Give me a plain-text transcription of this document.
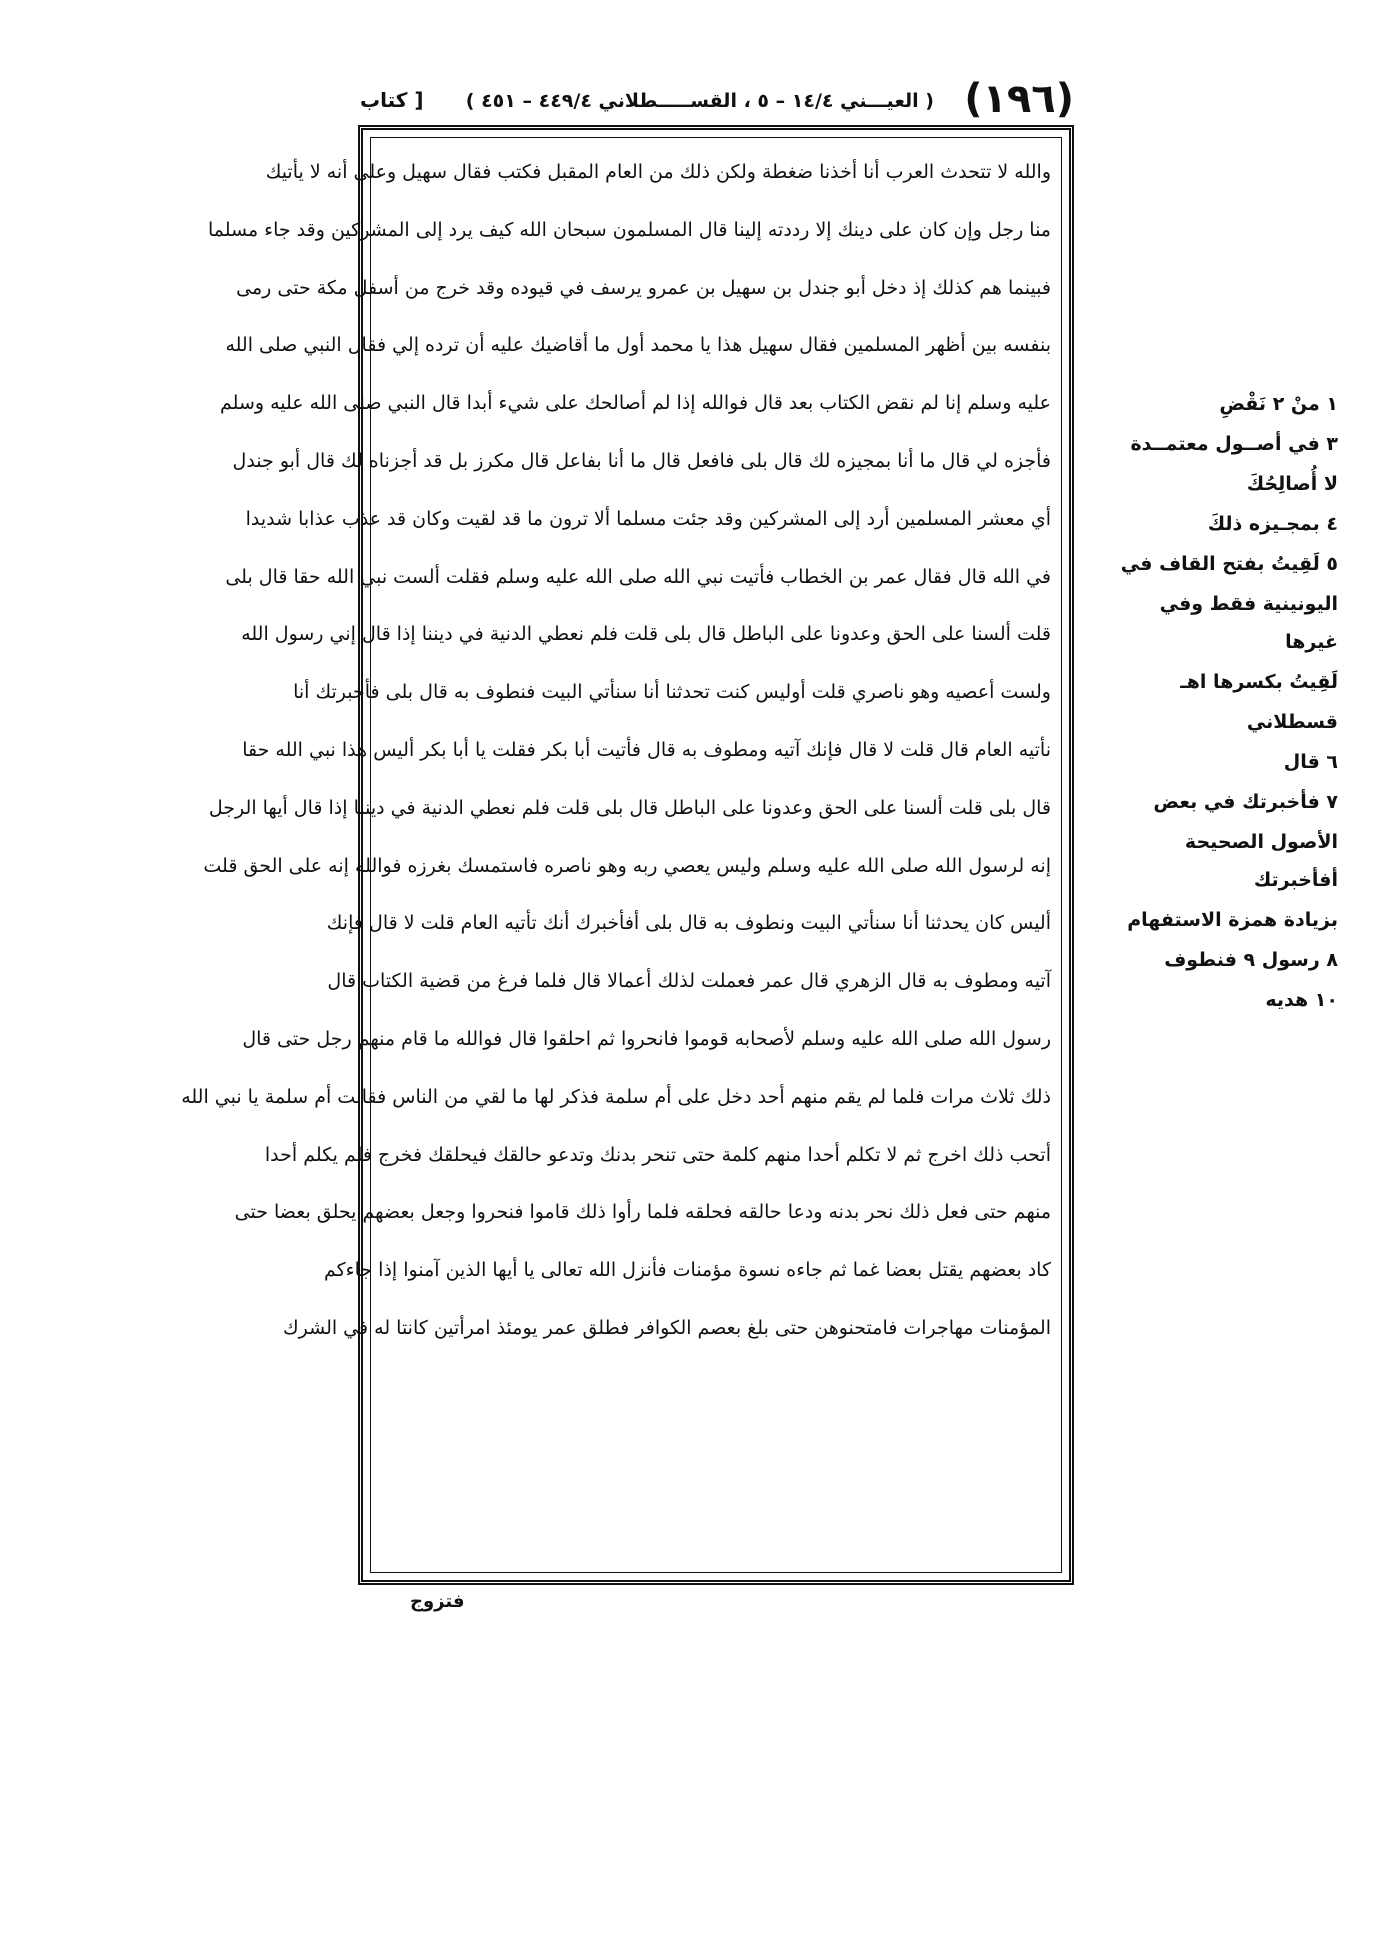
(١٩٦)
( العيـــني ١٤/٤ – ٥ ، القســـــطلاني ٤٤٩/٤ – ٤٥١ )
[ كتاب
والله لا تتحدث العرب أنا أخذنا ضغطة ولكن ذلك من العام المقبل فكتب فقال سهيل وعلى أنه لا يأتيك
منا رجل وإن كان على دينك إلا رددته إلينا قال المسلمون سبحان الله كيف يرد إلى المشركين وقد جاء مسلما
فبينما هم كذلك إذ دخل أبو جندل بن سهيل بن عمرو يرسف في قيوده وقد خرج من أسفل مكة حتى رمى
بنفسه بين أظهر المسلمين فقال سهيل هذا يا محمد أول ما أقاضيك عليه أن ترده إلي فقال النبي صلى الله
عليه وسلم إنا لم نقض الكتاب بعد قال فوالله إذا لم أصالحك على شيء أبدا قال النبي صلى الله عليه وسلم
فأجزه لي قال ما أنا بمجيزه لك قال بلى فافعل قال ما أنا بفاعل قال مكرز بل قد أجزناه لك قال أبو جندل
أي معشر المسلمين أرد إلى المشركين وقد جئت مسلما ألا ترون ما قد لقيت وكان قد عذب عذابا شديدا
في الله قال فقال عمر بن الخطاب فأتيت نبي الله صلى الله عليه وسلم فقلت ألست نبي الله حقا قال بلى
قلت ألسنا على الحق وعدونا على الباطل قال بلى قلت فلم نعطي الدنية في ديننا إذا قال إني رسول الله
ولست أعصيه وهو ناصري قلت أوليس كنت تحدثنا أنا سنأتي البيت فنطوف به قال بلى فأخبرتك أنا
نأتيه العام قال قلت لا قال فإنك آتيه ومطوف به قال فأتيت أبا بكر فقلت يا أبا بكر أليس هذا نبي الله حقا
قال بلى قلت ألسنا على الحق وعدونا على الباطل قال بلى قلت فلم نعطي الدنية في ديننا إذا قال أيها الرجل
إنه لرسول الله صلى الله عليه وسلم وليس يعصي ربه وهو ناصره فاستمسك بغرزه فوالله إنه على الحق قلت
أليس كان يحدثنا أنا سنأتي البيت ونطوف به قال بلى أفأخبرك أنك تأتيه العام قلت لا قال فإنك
آتيه ومطوف به قال الزهري قال عمر فعملت لذلك أعمالا قال فلما فرغ من قضية الكتاب قال
رسول الله صلى الله عليه وسلم لأصحابه قوموا فانحروا ثم احلقوا قال فوالله ما قام منهم رجل حتى قال
ذلك ثلاث مرات فلما لم يقم منهم أحد دخل على أم سلمة فذكر لها ما لقي من الناس فقالت أم سلمة يا نبي الله
أتحب ذلك اخرج ثم لا تكلم أحدا منهم كلمة حتى تنحر بدنك وتدعو حالقك فيحلقك فخرج فلم يكلم أحدا
منهم حتى فعل ذلك نحر بدنه ودعا حالقه فحلقه فلما رأوا ذلك قاموا فنحروا وجعل بعضهم يحلق بعضا حتى
كاد بعضهم يقتل بعضا غما ثم جاءه نسوة مؤمنات فأنزل الله تعالى يا أيها الذين آمنوا إذا جاءكم
المؤمنات مهاجرات فامتحنوهن حتى بلغ بعصم الكوافر فطلق عمر يومئذ امرأتين كانتا له في الشرك
١ منْ ٢ نَقْضِ
٣ في أصــول معتمــدة
لا أُصالِحُكَ
٤ بمجـيزه ذلكَ
٥ لَقِيتُ بفتح القاف في
اليونينية فقط وفي غيرها
لَقِيتُ بكسرها اهـ
قسطلاني
٦ قال
٧ فأخبرتك في بعض
الأصول الصحيحة أفأخبرتك
بزيادة همزة الاستفهام
٨ رسول ٩ فنطوف
١٠ هديه
فتزوج
